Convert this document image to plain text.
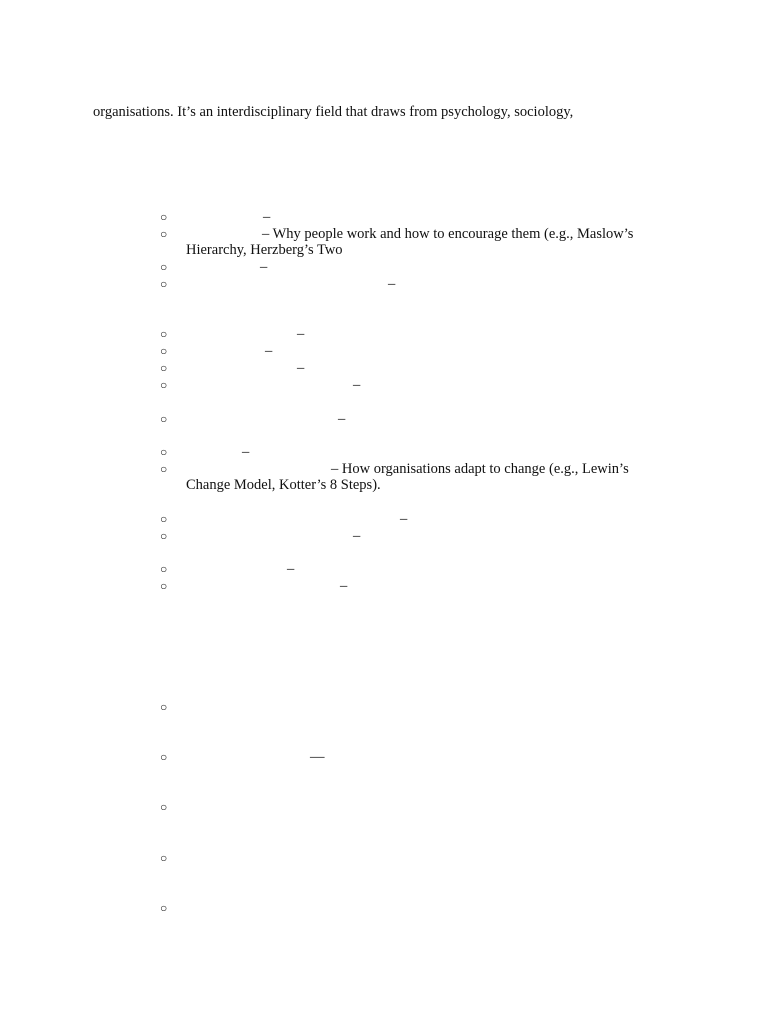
organisations. It’s an interdisciplinary field that draws from psychology, sociology,
○	–
○	– Why people work and how to encourage them (e.g., Maslow’s
Hierarchy, Herzberg’s Two
○	–
○	–
○	–
○	–
○	–
○	–
○	–
○	–
○	– How organisations adapt to change (e.g., Lewin’s
Change Model, Kotter’s 8 Steps).
○	–
○	–
○	–
○	–
○
○	—
○
○
○
